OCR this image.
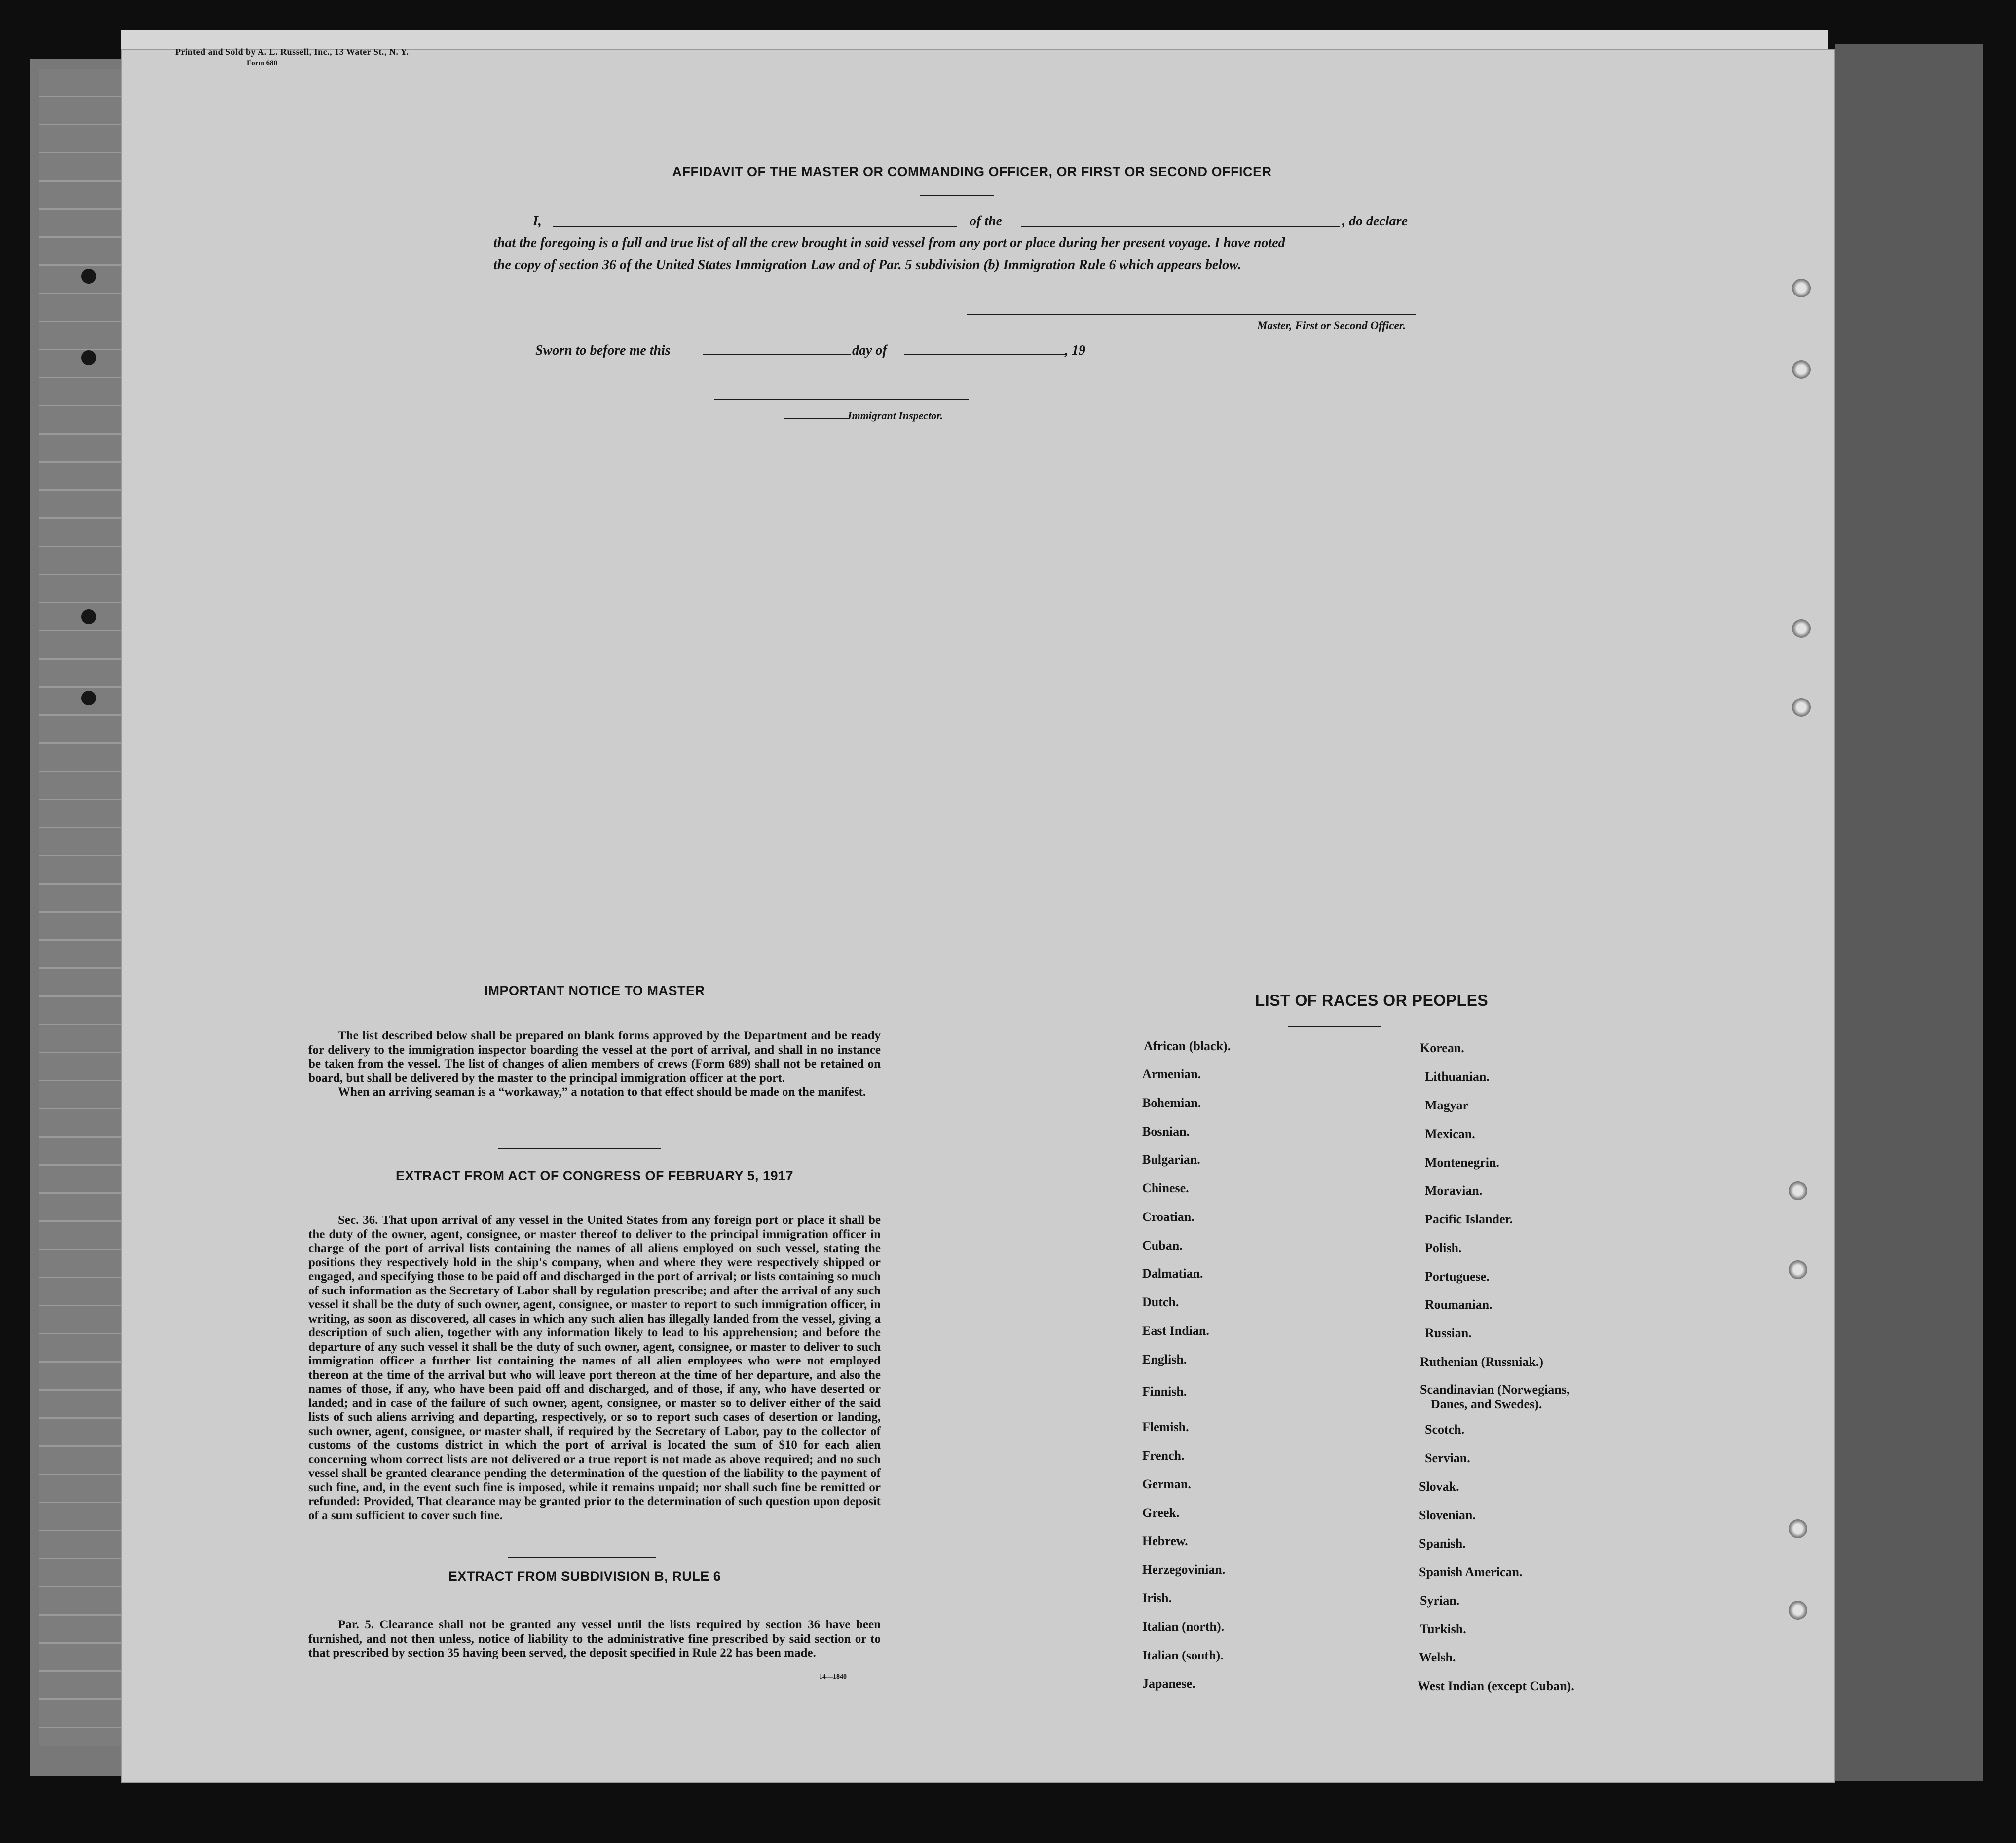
Printed and Sold by A. L. Russell, Inc., 13 Water St., N. Y.
Form 680
AFFIDAVIT OF THE MASTER OR COMMANDING OFFICER, OR FIRST OR SECOND OFFICER
I,	of the	, do declare
that the foregoing is a full and true list of all the crew brought in said vessel from any port or place during her present voyage. I have noted
the copy of section 36 of the United States Immigration Law and of Par. 5 subdivision (b) Immigration Rule 6 which appears below.
Master, First or Second Officer.
Sworn to before me this	day of	, 19
Immigrant Inspector.
IMPORTANT NOTICE TO MASTER

The list described below shall be prepared on blank forms approved by the Department and be ready for delivery to the immigration inspector boarding the vessel at the port of arrival, and shall in no instance be taken from the vessel. The list of changes of alien members of crews (Form 689) shall not be retained on board, but shall be delivered by the master to the principal immigration officer at the port.

When an arriving seaman is a “workaway,” a notation to that effect should be made on the manifest.

EXTRACT FROM ACT OF CONGRESS OF FEBRUARY 5, 1917

Sec. 36. That upon arrival of any vessel in the United States from any foreign port or place it shall be the duty of the owner, agent, consignee, or master thereof to deliver to the principal immigration officer in charge of the port of arrival lists containing the names of all aliens employed on such vessel, stating the positions they respectively hold in the ship's company, when and where they were respectively shipped or engaged, and specifying those to be paid off and discharged in the port of arrival; or lists containing so much of such information as the Secretary of Labor shall by regulation prescribe; and after the arrival of any such vessel it shall be the duty of such owner, agent, consignee, or master to report to such immigration officer, in writing, as soon as discovered, all cases in which any such alien has illegally landed from the vessel, giving a description of such alien, together with any information likely to lead to his apprehension; and before the departure of any such vessel it shall be the duty of such owner, agent, consignee, or master to deliver to such immigration officer a further list containing the names of all alien employees who were not employed thereon at the time of the arrival but who will leave port thereon at the time of her departure, and also the names of those, if any, who have been paid off and discharged, and of those, if any, who have deserted or landed; and in case of the failure of such owner, agent, consignee, or master so to deliver either of the said lists of such aliens arriving and departing, respectively, or so to report such cases of desertion or landing, such owner, agent, consignee, or master shall, if required by the Secretary of Labor, pay to the collector of customs of the customs district in which the port of arrival is located the sum of $10 for each alien concerning whom correct lists are not delivered or a true report is not made as above required; and no such vessel shall be granted clearance pending the determination of the question of the liability to the payment of such fine, and, in the event such fine is imposed, while it remains unpaid; nor shall such fine be remitted or refunded: Provided, That clearance may be granted prior to the determination of such question upon deposit of a sum sufficient to cover such fine.

EXTRACT FROM SUBDIVISION B, RULE 6

Par. 5. Clearance shall not be granted any vessel until the lists required by section 36 have been furnished, and not then unless, notice of liability to the administrative fine prescribed by said section or to that prescribed by section 35 having been served, the deposit specified in Rule 22 has been made.

14—1840
LIST OF RACES OR PEOPLES
African (black).
Armenian.
Bohemian.
Bosnian.
Bulgarian.
Chinese.
Croatian.
Cuban.
Dalmatian.
Dutch.
East Indian.
English.
Finnish.
Flemish.
French.
German.
Greek.
Hebrew.
Herzegovinian.
Irish.
Italian (north).
Italian (south).
Japanese.
Korean.
Lithuanian.
Magyar
Mexican.
Montenegrin.
Moravian.
Pacific Islander.
Polish.
Portuguese.
Roumanian.
Russian.
Ruthenian (Russniak.)
Scandinavian (Norwegians,
Danes, and Swedes).
Scotch.
Servian.
Slovak.
Slovenian.
Spanish.
Spanish American.
Syrian.
Turkish.
Welsh.
West Indian (except Cuban).
